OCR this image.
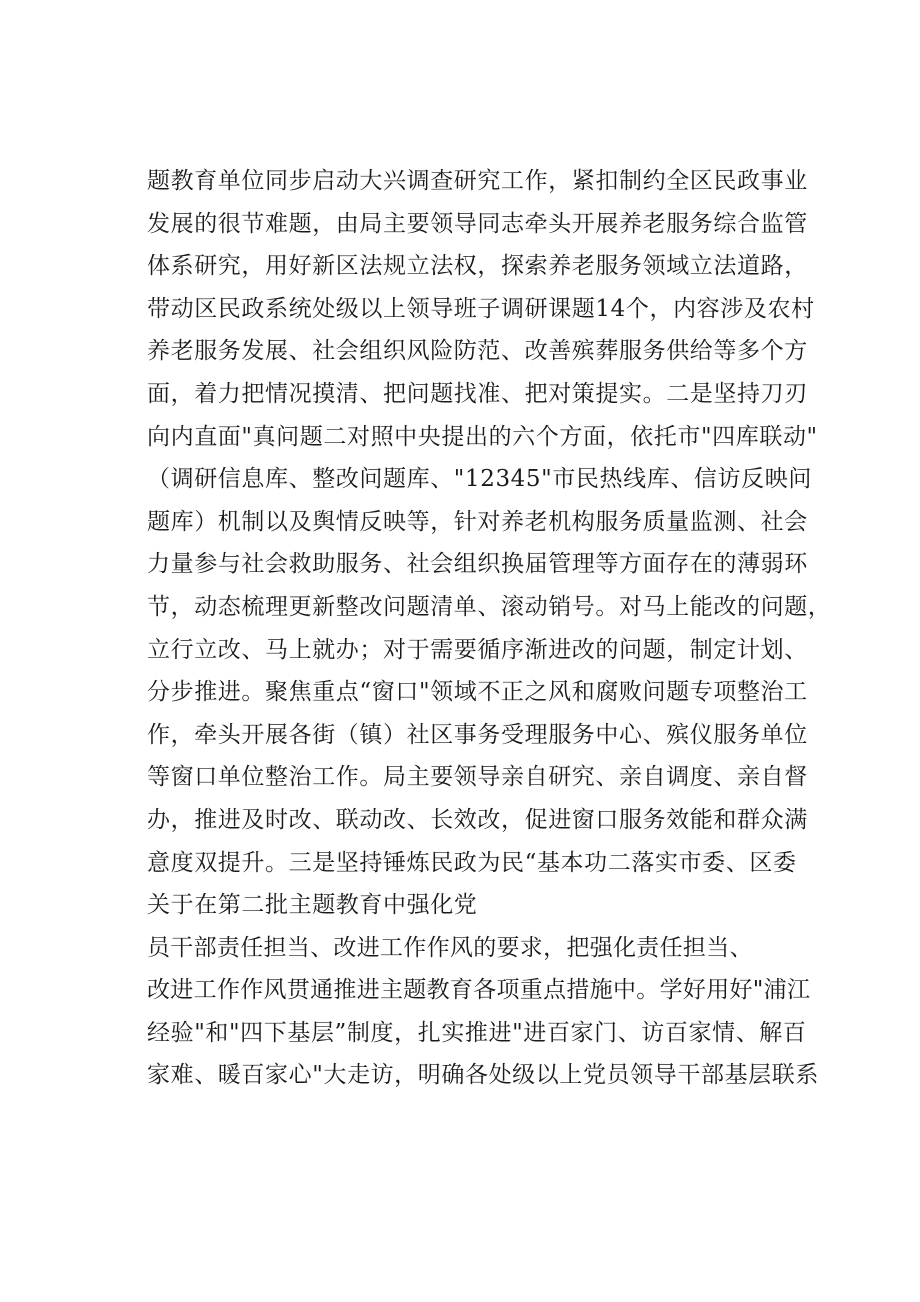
题教育单位同步启动大兴调查研究工作，紧扣制约全区民政事业
发展的很节难题，由局主要领导同志牵头开展养老服务综合监管
体系研究，用好新区法规立法权，探索养老服务领域立法道路，
带动区民政系统处级以上领导班子调研课题14个，内容涉及农村
养老服务发展、社会组织风险防范、改善殡葬服务供给等多个方
面，着力把情况摸清、把问题找准、把对策提实。二是坚持刀刃
向内直面"真问题二对照中央提出的六个方面，依托市"四库联动"
（调研信息库、整改问题库、"12345"市民热线库、信访反映问
题库）机制以及舆情反映等，针对养老机构服务质量监测、社会
力量参与社会救助服务、社会组织换届管理等方面存在的薄弱环
节，动态梳理更新整改问题清单、滚动销号。对马上能改的问题，
立行立改、马上就办；对于需要循序渐进改的问题，制定计划、
分步推进。聚焦重点“窗口"领域不正之风和腐败问题专项整治工
作，牵头开展各街（镇）社区事务受理服务中心、殡仪服务单位
等窗口单位整治工作。局主要领导亲自研究、亲自调度、亲自督
办，推进及时改、联动改、长效改，促进窗口服务效能和群众满
意度双提升。三是坚持锤炼民政为民“基本功二落实市委、区委
关于在第二批主题教育中强化党
员干部责任担当、改进工作作风的要求，把强化责任担当、
改进工作作风贯通推进主题教育各项重点措施中。学好用好"浦江
经验"和"四下基层”制度，扎实推进"进百家门、访百家情、解百
家难、暖百家心"大走访，明确各处级以上党员领导干部基层联系
